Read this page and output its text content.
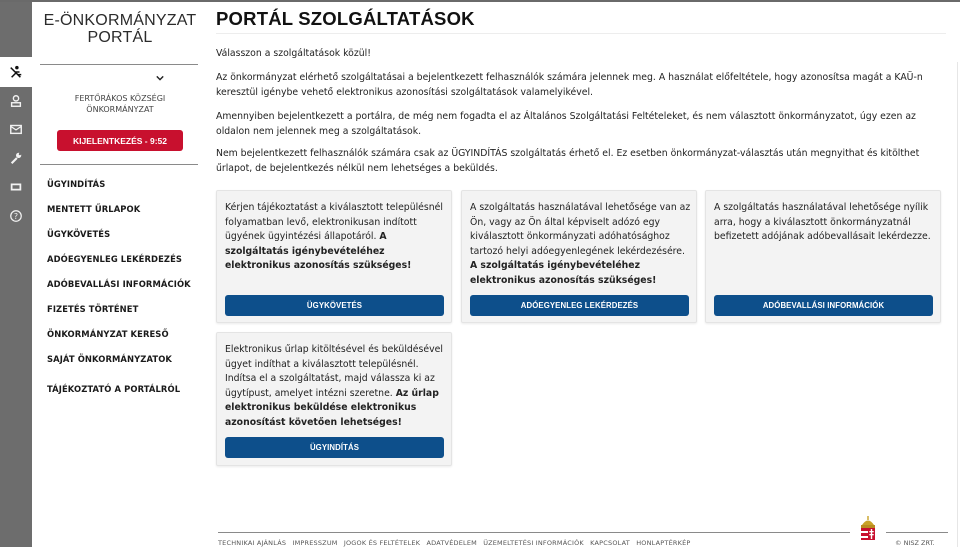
?
E-ÖNKORMÁNYZAT
PORTÁL
FERTŐRÁKOS KÖZSÉGI
ÖNKORMÁNYZAT
KIJELENTKEZÉS - 9:52
ÜGYINDÍTÁS
MENTETT ŰRLAPOK
ÜGYKÖVETÉS
ADÓEGYENLEG LEKÉRDEZÉS
ADÓBEVALLÁSI INFORMÁCIÓK
FIZETÉS TÖRTÉNET
ÖNKORMÁNYZAT KERESŐ
SAJÁT ÖNKORMÁNYZATOK
TÁJÉKOZTATÓ A PORTÁLRÓL
PORTÁL SZOLGÁLTATÁSOK

Válasszon a szolgáltatások közül!

Az önkormányzat elérhető szolgáltatásai a bejelentkezett felhasználók számára jelennek meg. A használat előfeltétele, hogy azonosítsa magát a KAÜ-n keresztül igénybe vehető elektronikus azonosítási szolgáltatások valamelyikével.

Amennyiben bejelentkezett a portálra, de még nem fogadta el az Általános Szolgáltatási Feltételeket, és nem választott önkormányzatot, úgy ezen az oldalon nem jelennek meg a szolgáltatások.

Nem bejelentkezett felhasználók számára csak az ÜGYINDÍTÁS szolgáltatás érhető el. Ez esetben önkormányzat-választás után megnyithat és kitölthet űrlapot, de bejelentkezés nélkül nem lehetséges a beküldés.

Kérjen tájékoztatást a kiválasztott településnél folyamatban levő, elektronikusan indított ügyének ügyintézési állapotáról. A szolgáltatás igénybevételéhez elektronikus azonosítás szükséges!

ÜGYKÖVETÉS

A szolgáltatás használatával lehetősége van az Ön, vagy az Ön által képviselt adózó egy kiválasztott önkormányzati adóhatósághoz tartozó helyi adóegyenlegének lekérdezésére. A szolgáltatás igénybevételéhez elektronikus azonosítás szükséges!

ADÓEGYENLEG LEKÉRDEZÉS

A szolgáltatás használatával lehetősége nyílik arra, hogy a kiválasztott önkormányzatnál befizetett adójának adóbevallásait lekérdezze.

ADÓBEVALLÁSI INFORMÁCIÓK

Elektronikus űrlap kitöltésével és beküldésével ügyet indíthat a kiválasztott településnél. Indítsa el a szolgáltatást, majd válassza ki az ügytípust, amelyet intézni szeretne. Az űrlap elektronikus beküldése elektronikus azonosítást követően lehetséges!

ÜGYINDÍTÁS
TECHNIKAI AJÁNLÁS IMPRESSZUM JOGOK ÉS FELTÉTELEK ADATVÉDELEM ÜZEMELTETÉSI INFORMÁCIÓK KAPCSOLAT HONLAPTÉRKÉP	© NISZ ZRT.
